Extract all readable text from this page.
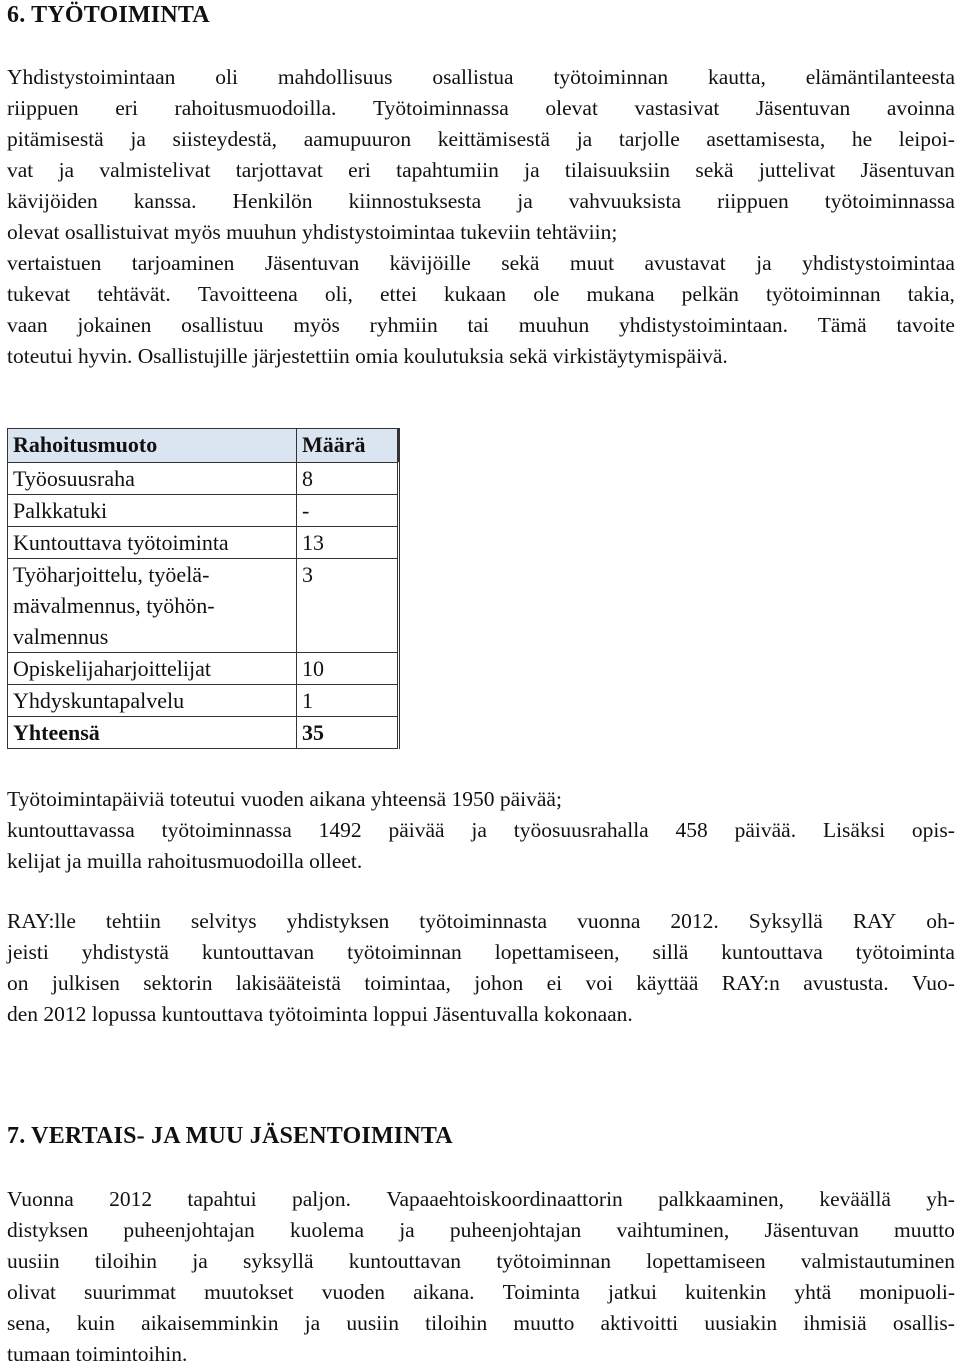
6. TYÖTOIMINTA
Yhdistystoimintaan oli mahdollisuus osallistua työtoiminnan kautta, elämäntilanteesta
riippuen eri rahoitusmuodoilla. Työtoiminnassa olevat vastasivat Jäsentuvan avoinna
pitämisestä ja siisteydestä, aamupuuron keittämisestä ja tarjolle asettamisesta, he leipoi-
vat ja valmistelivat tarjottavat eri tapahtumiin ja tilaisuuksiin sekä juttelivat Jäsentuvan
kävijöiden kanssa. Henkilön kiinnostuksesta ja vahvuuksista riippuen työtoiminnassa
olevat osallistuivat myös muuhun yhdistystoimintaa tukeviin tehtäviin;
vertaistuen tarjoaminen Jäsentuvan kävijöille sekä muut avustavat ja yhdistystoimintaa
tukevat tehtävät. Tavoitteena oli, ettei kukaan ole mukana pelkän työtoiminnan takia,
vaan jokainen osallistuu myös ryhmiin tai muuhun yhdistystoimintaan. Tämä tavoite
toteutui hyvin. Osallistujille järjestettiin omia koulutuksia sekä virkistäytymispäivä.
Rahoitusmuoto	Määrä
Työosuusraha	8
Palkkatuki	-
Kuntouttava työtoiminta	13

Työharjoittelu, työelä-
mävalmennus, työhön-
valmennus	3
Opiskelijaharjoittelijat	10
Yhdyskuntapalvelu	1
Yhteensä	35
Työtoimintapäiviä toteutui vuoden aikana yhteensä 1950 päivää;
kuntouttavassa työtoiminnassa 1492 päivää ja työosuusrahalla 458 päivää. Lisäksi opis-
kelijat ja muilla rahoitusmuodoilla olleet.
RAY:lle tehtiin selvitys yhdistyksen työtoiminnasta vuonna 2012. Syksyllä RAY oh-
jeisti yhdistystä kuntouttavan työtoiminnan lopettamiseen, sillä kuntouttava työtoiminta
on julkisen sektorin lakisääteistä toimintaa, johon ei voi käyttää RAY:n avustusta. Vuo-
den 2012 lopussa kuntouttava työtoiminta loppui Jäsentuvalla kokonaan.
7. VERTAIS- JA MUU JÄSENTOIMINTA
Vuonna 2012 tapahtui paljon. Vapaaehtoiskoordinaattorin palkkaaminen, keväällä yh-
distyksen puheenjohtajan kuolema ja puheenjohtajan vaihtuminen, Jäsentuvan muutto
uusiin tiloihin ja syksyllä kuntouttavan työtoiminnan lopettamiseen valmistautuminen
olivat suurimmat muutokset vuoden aikana. Toiminta jatkui kuitenkin yhtä monipuoli-
sena, kuin aikaisemminkin ja uusiin tiloihin muutto aktivoitti uusiakin ihmisiä osallis-
tumaan toimintoihin.
